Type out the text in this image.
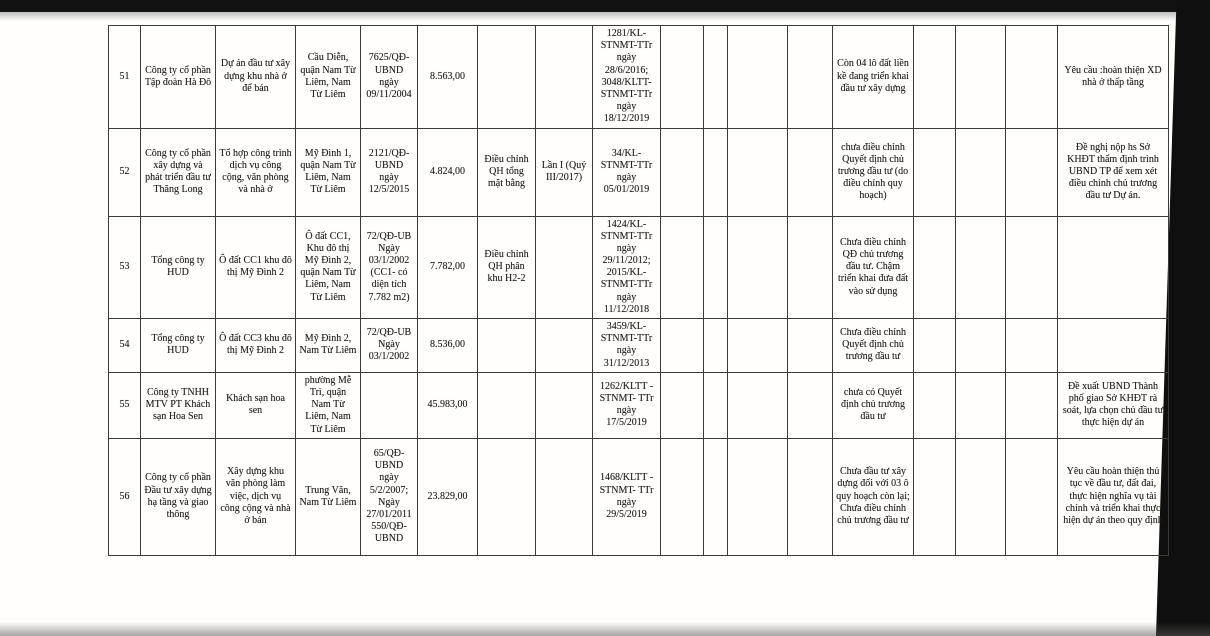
51	Công ty cổ phần Tập đoàn Hà Đô	Dự án đầu tư xây dựng khu nhà ở để bán	Cầu Diễn, quận Nam Từ Liêm, Nam Từ Liêm	7625/QĐ-UBND ngày 09/11/2004	8.563,00			1281/KL-STNMT-TTr ngày 28/6/2016; 3048/KLTT-STNMT-TTr ngày 18/12/2019					Còn 04 lô đất liền kề đang triển khai đầu tư xây dựng				Yêu cầu :hoàn thiện XD nhà ở thấp tầng
52	Công ty cổ phần xây dựng và phát triển đầu tư Thăng Long	Tổ hợp công trình dịch vụ công cộng, văn phòng và nhà ở	Mỹ Đình 1, quận Nam Từ Liêm, Nam Từ Liêm	2121/QĐ-UBND ngày 12/5/2015	4.824,00	Điều chỉnh QH tổng mặt bằng	Lần I (Quý III/2017)	34/KL-STNMT-TTr ngày 05/01/2019					chưa điều chỉnh Quyết định chủ trương đầu tư (do điều chỉnh quy hoạch)				Đề nghị nộp hs Sở KHĐT thẩm định trình UBND TP để xem xét điều chỉnh chủ trương đầu tư Dự án.
53	Tổng công ty HUD	Ô đất CC1 khu đô thị Mỹ Đình 2	Ô đất CC1, Khu đô thị Mỹ Đình 2, quận Nam Từ Liêm, Nam Từ Liêm	72/QĐ-UB Ngày 03/1/2002 (CC1- có diện tích 7.782 m2)	7.782,00	Điều chỉnh QH phân khu H2-2		1424/KL-STNMT-TTr ngày 29/11/2012; 2015/KL-STNMT-TTr ngày 11/12/2018					Chưa điều chỉnh QĐ chủ trương đầu tư. Chậm triển khai đưa đất vào sử dụng				
54	Tổng công ty HUD	Ô đất CC3 khu đô thị Mỹ Đình 2	Mỹ Đình 2, Nam Từ Liêm	72/QĐ-UB Ngày 03/1/2002	8.536,00			3459/KL-STNMT-TTr ngày 31/12/2013					Chưa điều chỉnh Quyết định chủ trương đầu tư				
55	Công ty TNHH MTV PT Khách sạn Hoa Sen	Khách sạn hoa sen	phường Mễ Trì, quận Nam Từ Liêm, Nam Từ Liêm		45.983,00			1262/KLTT -STNMT- TTr ngày 17/5/2019					chưa có Quyết định chủ trương đầu tư				Đề xuất UBND Thành phố giao Sở KHĐT rà soát, lựa chọn chủ đầu tư thực hiện dự án
56	Công ty cổ phần Đầu tư xây dựng hạ tầng và giao thông	Xây dựng khu văn phòng làm việc, dịch vụ công cộng và nhà ở bán	Trung Văn, Nam Từ Liêm	65/QĐ-UBND ngày 5/2/2007; Ngày 27/01/2011 550/QĐ-UBND	23.829,00			1468/KLTT -STNMT- TTr ngày 29/5/2019					Chưa đầu tư xây dựng đối với 03 ô quy hoạch còn lại; Chưa điều chỉnh chủ trương đầu tư				Yêu cầu hoàn thiện thủ tục về đầu tư, đất đai, thực hiện nghĩa vụ tài chính và triển khai thực hiện dự án theo quy định
